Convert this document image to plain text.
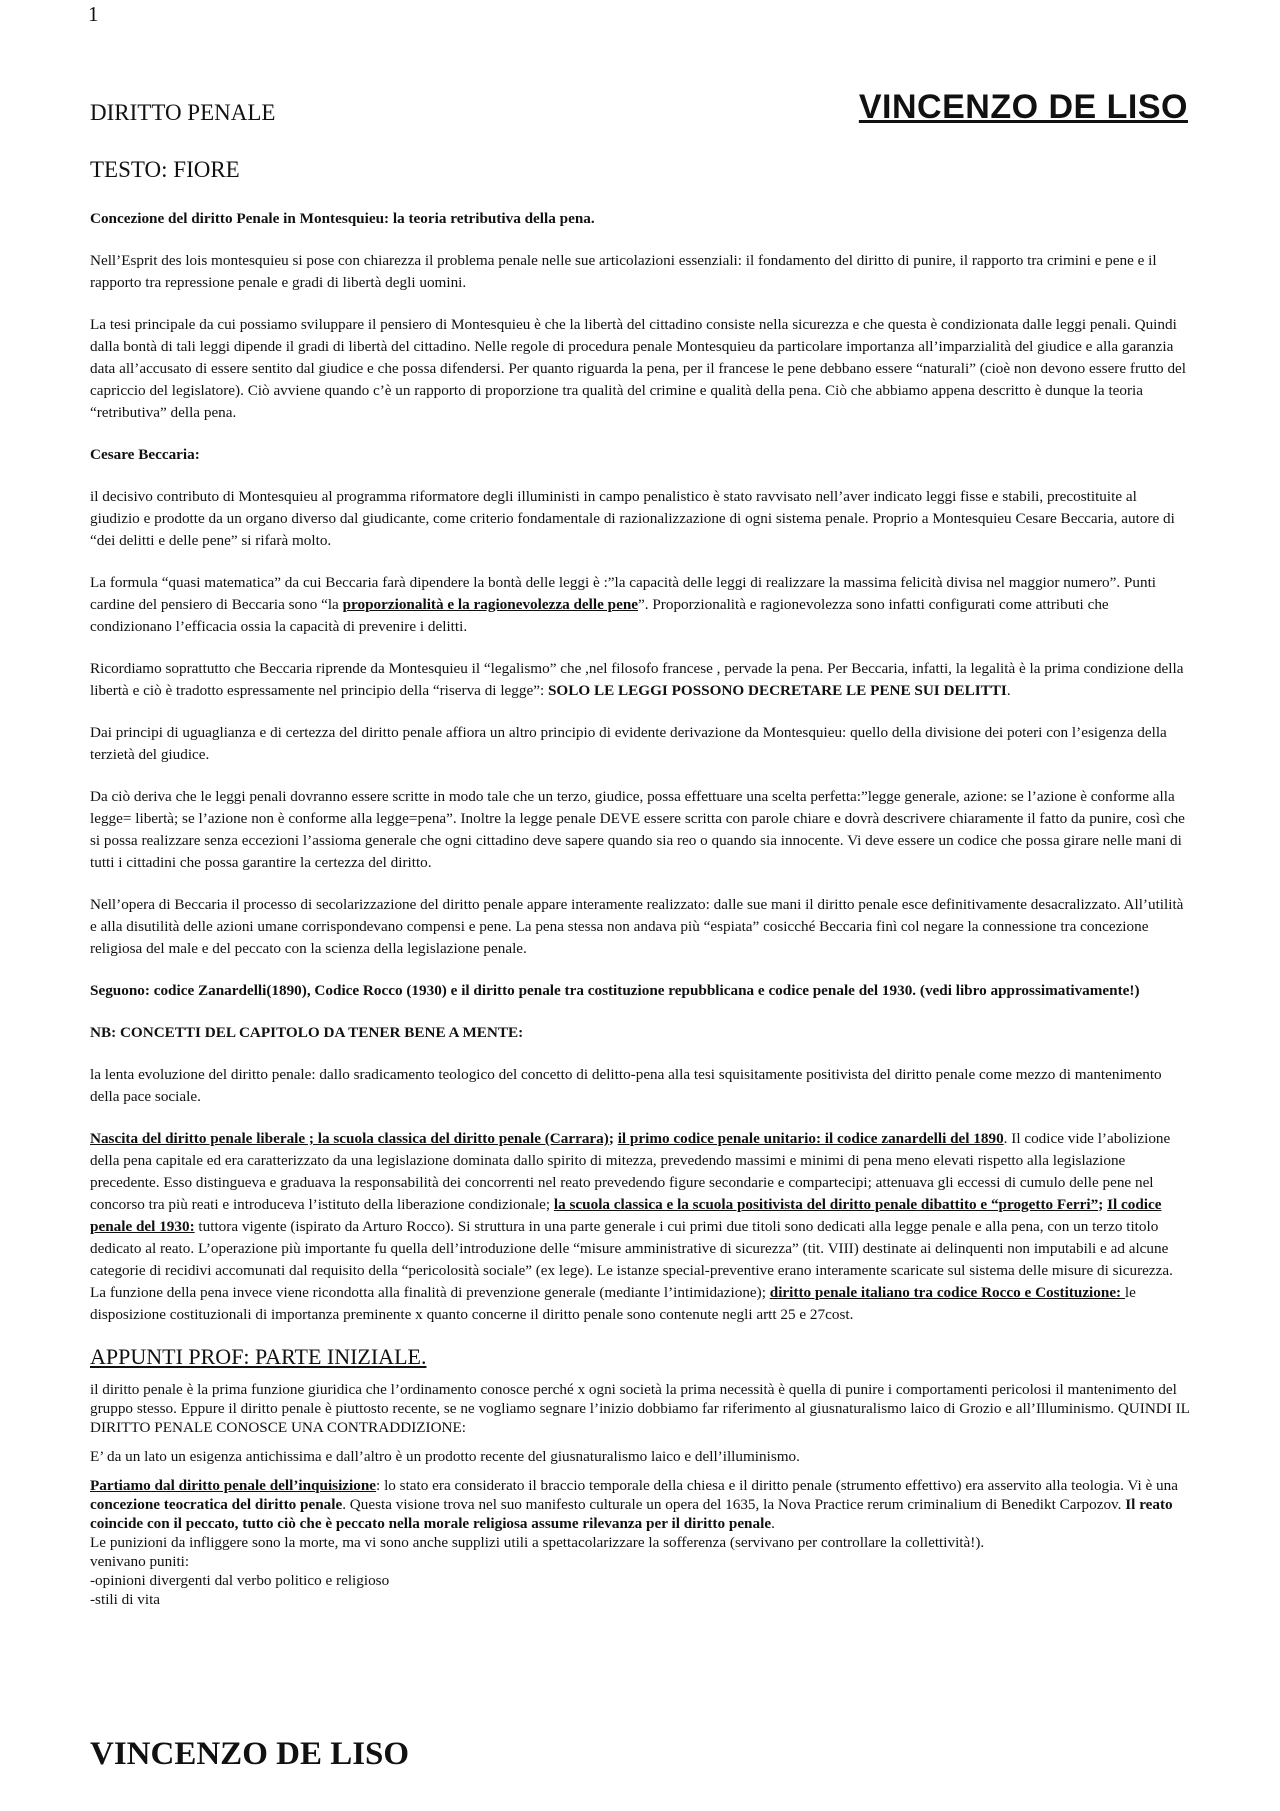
1
DIRITTO PENALE	VINCENZO DE LISO
TESTO: FIORE

Concezione del diritto Penale in Montesquieu: la teoria retributiva della pena.

Nell’Esprit des lois montesquieu si pose con chiarezza il problema penale nelle sue articolazioni essenziali: il fondamento del diritto di punire, il rapporto tra crimini e pene e il rapporto tra repressione penale e gradi di libertà degli uomini.

La tesi principale da cui possiamo sviluppare il pensiero di Montesquieu è che la libertà del cittadino consiste nella sicurezza e che questa è condizionata dalle leggi penali. Quindi dalla bontà di tali leggi dipende il gradi di libertà del cittadino. Nelle regole di procedura penale Montesquieu da particolare importanza all’imparzialità del giudice e alla garanzia data all’accusato di essere sentito dal giudice e che possa difendersi. Per quanto riguarda la pena, per il francese le pene debbano essere “naturali” (cioè non devono essere frutto del capriccio del legislatore). Ciò avviene quando c’è un rapporto di proporzione tra qualità del crimine e qualità della pena. Ciò che abbiamo appena descritto è dunque la teoria “retributiva” della pena.

Cesare Beccaria:

il decisivo contributo di Montesquieu al programma riformatore degli illuministi in campo penalistico è stato ravvisato nell’aver indicato leggi fisse e stabili, precostituite al giudizio e prodotte da un organo diverso dal giudicante, come criterio fondamentale di razionalizzazione di ogni sistema penale. Proprio a Montesquieu Cesare Beccaria, autore di “dei delitti e delle pene” si rifarà molto.

La formula “quasi matematica” da cui Beccaria farà dipendere la bontà delle leggi è :”la capacità delle leggi di realizzare la massima felicità divisa nel maggior numero”. Punti cardine del pensiero di Beccaria sono “la proporzionalità e la ragionevolezza delle pene”. Proporzionalità e ragionevolezza sono infatti configurati come attributi che condizionano l’efficacia ossia la capacità di prevenire i delitti.

Ricordiamo soprattutto che Beccaria riprende da Montesquieu il “legalismo” che ,nel filosofo francese , pervade la pena. Per Beccaria, infatti, la legalità è la prima condizione della libertà e ciò è tradotto espressamente nel principio della “riserva di legge”: SOLO LE LEGGI POSSONO DECRETARE LE PENE SUI DELITTI.

Dai principi di uguaglianza e di certezza del diritto penale affiora un altro principio di evidente derivazione da Montesquieu: quello della divisione dei poteri con l’esigenza della terzietà del giudice.

Da ciò deriva che le leggi penali dovranno essere scritte in modo tale che un terzo, giudice, possa effettuare una scelta perfetta:”legge generale, azione: se l’azione è conforme alla legge= libertà; se l’azione non è conforme alla legge=pena”. Inoltre la legge penale DEVE essere scritta con parole chiare e dovrà descrivere chiaramente il fatto da punire, così che si possa realizzare senza eccezioni l’assioma generale che ogni cittadino deve sapere quando sia reo o quando sia innocente. Vi deve essere un codice che possa girare nelle mani di tutti i cittadini che possa garantire la certezza del diritto.

Nell’opera di Beccaria il processo di secolarizzazione del diritto penale appare interamente realizzato: dalle sue mani il diritto penale esce definitivamente desacralizzato. All’utilità e alla disutilità delle azioni umane corrispondevano compensi e pene. La pena stessa non andava più “espiata” cosicché Beccaria finì col negare la connessione tra concezione religiosa del male e del peccato con la scienza della legislazione penale.

Seguono: codice Zanardelli(1890), Codice Rocco (1930) e il diritto penale tra costituzione repubblicana e codice penale del 1930. (vedi libro approssimativamente!)

NB: CONCETTI DEL CAPITOLO DA TENER BENE A MENTE:

la lenta evoluzione del diritto penale: dallo sradicamento teologico del concetto di delitto-pena alla tesi squisitamente positivista del diritto penale come mezzo di mantenimento della pace sociale.

Nascita del diritto penale liberale ; la scuola classica del diritto penale (Carrara); il primo codice penale unitario: il codice zanardelli del 1890. Il codice vide l’abolizione della pena capitale ed era caratterizzato da una legislazione dominata dallo spirito di mitezza, prevedendo massimi e minimi di pena meno elevati rispetto alla legislazione precedente. Esso distingueva e graduava la responsabilità dei concorrenti nel reato prevedendo figure secondarie e compartecipi; attenuava gli eccessi di cumulo delle pene nel concorso tra più reati e introduceva l’istituto della liberazione condizionale; la scuola classica e la scuola positivista del diritto penale dibattito e “progetto Ferri”; Il codice penale del 1930: tuttora vigente (ispirato da Arturo Rocco). Si struttura in una parte generale i cui primi due titoli sono dedicati alla legge penale e alla pena, con un terzo titolo dedicato al reato. L’operazione più importante fu quella dell’introduzione delle “misure amministrative di sicurezza” (tit. VIII) destinate ai delinquenti non imputabili e ad alcune categorie di recidivi accomunati dal requisito della “pericolosità sociale” (ex lege). Le istanze special-preventive erano interamente scaricate sul sistema delle misure di sicurezza. La funzione della pena invece viene ricondotta alla finalità di prevenzione generale (mediante l’intimidazione); diritto penale italiano tra codice Rocco e Costituzione: le disposizione costituzionali di importanza preminente x quanto concerne il diritto penale sono contenute negli artt 25 e 27cost.

APPUNTI PROF: PARTE INIZIALE.

il diritto penale è la prima funzione giuridica che l’ordinamento conosce perché x ogni società la prima necessità è quella di punire i comportamenti pericolosi il mantenimento del gruppo stesso. Eppure il diritto penale è piuttosto recente, se ne vogliamo segnare l’inizio dobbiamo far riferimento al giusnaturalismo laico di Grozio e all’Illuminismo. QUINDI IL DIRITTO PENALE CONOSCE UNA CONTRADDIZIONE:

E’ da un lato un esigenza antichissima e dall’altro è un prodotto recente del giusnaturalismo laico e dell’illuminismo.

Partiamo dal diritto penale dell’inquisizione: lo stato era considerato il braccio temporale della chiesa e il diritto penale (strumento effettivo) era asservito alla teologia. Vi è una concezione teocratica del diritto penale. Questa visione trova nel suo manifesto culturale un opera del 1635, la Nova Practice rerum criminalium di Benedikt Carpozov. Il reato coincide con il peccato, tutto ciò che è peccato nella morale religiosa assume rilevanza per il diritto penale.

Le punizioni da infliggere sono la morte, ma vi sono anche supplizi utili a spettacolarizzare la sofferenza (servivano per controllare la collettività!).

venivano puniti:

-opinioni divergenti dal verbo politico e religioso

-stili di vita

VINCENZO DE LISO
